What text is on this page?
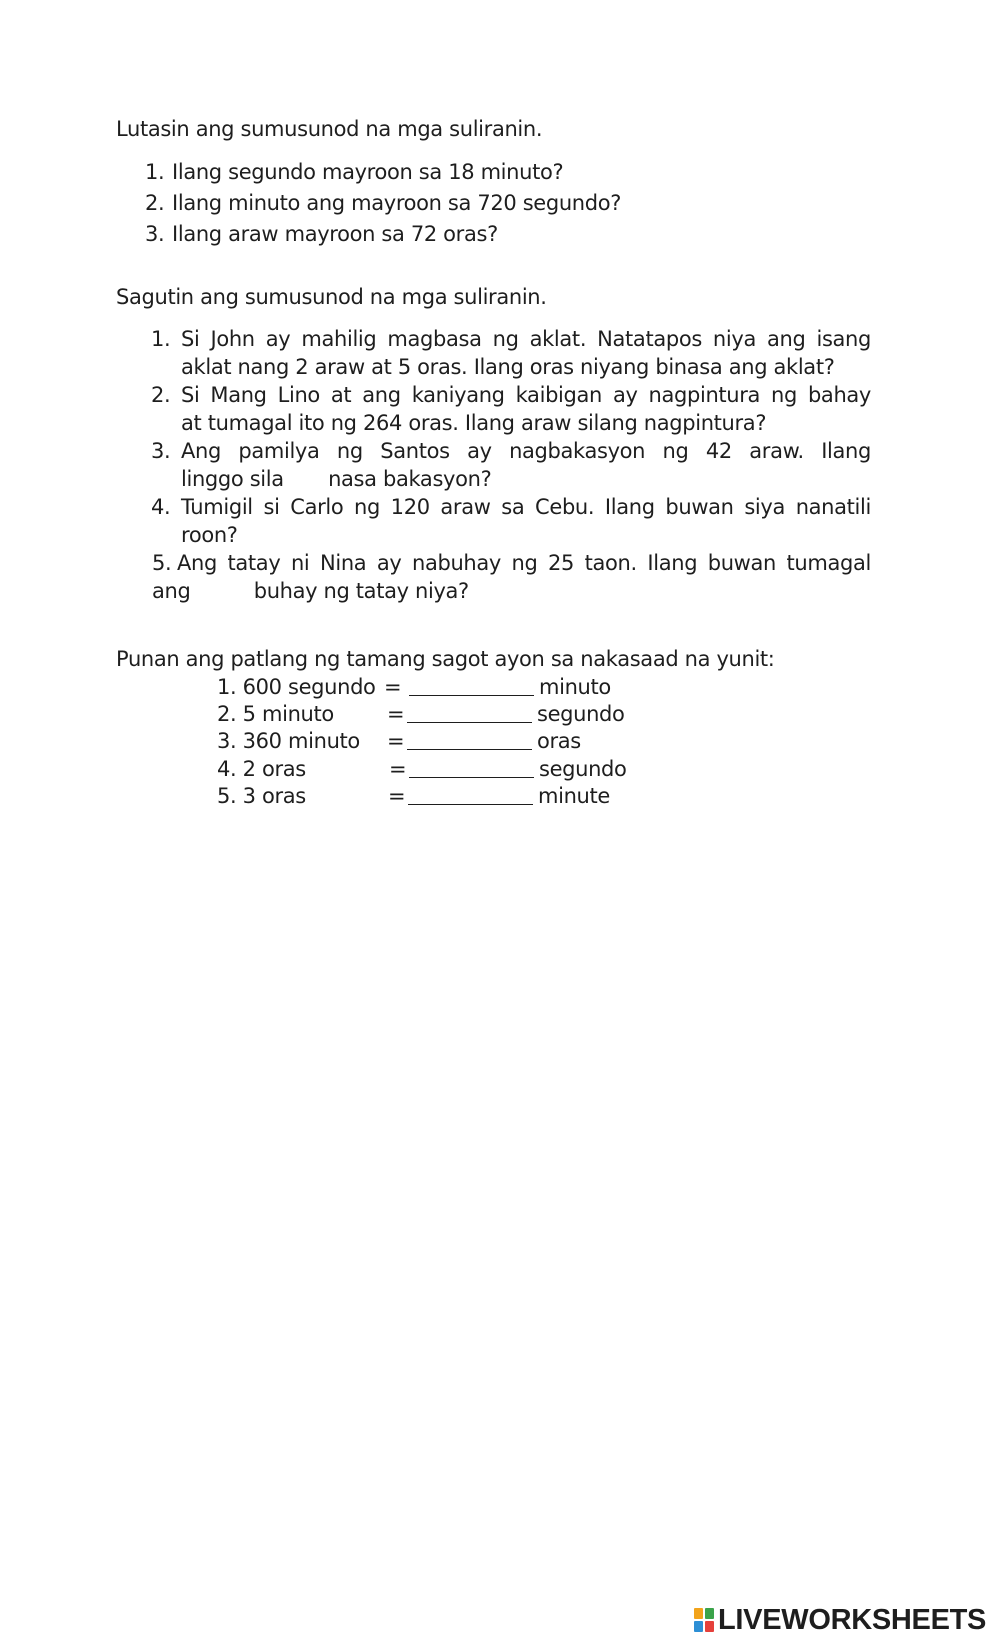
Lutasin ang sumusunod na mga suliranin.
1. Ilang segundo mayroon sa 18 minuto?
2. Ilang minuto ang mayroon sa 720 segundo?
3. Ilang araw mayroon sa 72 oras?
Sagutin ang sumusunod na mga suliranin.
1. Si John ay mahilig magbasa ng aklat. Natatapos niya ang isang
aklat nang 2 araw at 5 oras. Ilang oras niyang binasa ang aklat?
2. Si Mang Lino at ang kaniyang kaibigan ay nagpintura ng bahay
at tumagal ito ng 264 oras. Ilang araw silang nagpintura?
3. Ang pamilya ng Santos ay nagbakasyon ng 42 araw. Ilang
linggo sila       nasa bakasyon?
4. Tumigil si Carlo ng 120 araw sa Cebu. Ilang buwan siya nanatili
roon?
5. Ang tatay ni Nina ay nabuhay ng 25 taon. Ilang buwan tumagal
ang          buhay ng tatay niya?
Punan ang patlang ng tamang sagot ayon sa nakasaad na yunit:
1. 600 segundo =	minuto
2. 5 minuto	=	segundo
3. 360 minuto =	oras
4. 2 oras	=	segundo
5. 3 oras	=	minute
LIVEWORKSHEETS
